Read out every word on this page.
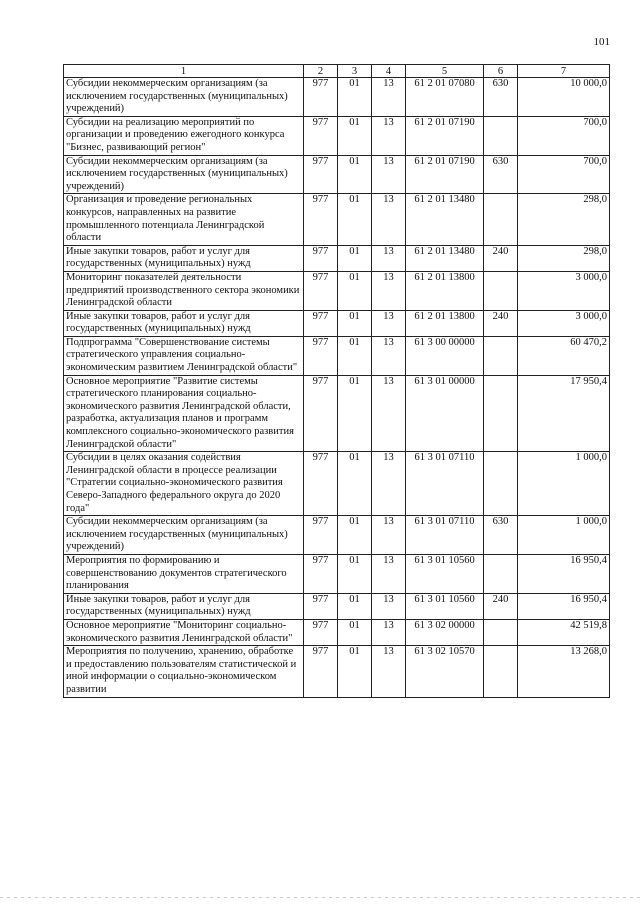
101
1	2	3	4	5	6	7
Субсидии некоммерческим организациям (за исключением государственных (муниципальных) учреждений)	977	01	13	61 2 01 07080	630	10 000,0
Субсидии на реализацию мероприятий по организации и проведению ежегодного конкурса "Бизнес, развивающий регион"	977	01	13	61 2 01 07190		700,0
Субсидии некоммерческим организациям (за исключением государственных (муниципальных) учреждений)	977	01	13	61 2 01 07190	630	700,0
Организация и проведение региональных конкурсов, направленных на развитие промышленного потенциала Ленинградской области	977	01	13	61 2 01 13480		298,0
Иные закупки товаров, работ и услуг для государственных (муниципальных) нужд	977	01	13	61 2 01 13480	240	298,0
Мониторинг показателей деятельности предприятий производственного сектора экономики Ленинградской области	977	01	13	61 2 01 13800		3 000,0
Иные закупки товаров, работ и услуг для государственных (муниципальных) нужд	977	01	13	61 2 01 13800	240	3 000,0
Подпрограмма "Совершенствование системы стратегического управления социально-экономическим развитием Ленинградской области"	977	01	13	61 3 00 00000		60 470,2
Основное мероприятие "Развитие системы стратегического планирования социально-экономического развития Ленинградской области, разработка, актуализация планов и программ комплексного социально-экономического развития Ленинградской области"	977	01	13	61 3 01 00000		17 950,4
Субсидии в целях оказания содействия Ленинградской области в процессе реализации "Стратегии социально-экономического развития Северо-Западного федерального округа до 2020 года"	977	01	13	61 3 01 07110		1 000,0
Субсидии некоммерческим организациям (за исключением государственных (муниципальных) учреждений)	977	01	13	61 3 01 07110	630	1 000,0
Мероприятия по формированию и совершенствованию документов стратегического планирования	977	01	13	61 3 01 10560		16 950,4
Иные закупки товаров, работ и услуг для государственных (муниципальных) нужд	977	01	13	61 3 01 10560	240	16 950,4
Основное мероприятие "Мониторинг социально-экономического развития Ленинградской области"	977	01	13	61 3 02 00000		42 519,8
Мероприятия по получению, хранению, обработке и предоставлению пользователям статистической и иной информации о социально-экономическом развитии	977	01	13	61 3 02 10570		13 268,0
